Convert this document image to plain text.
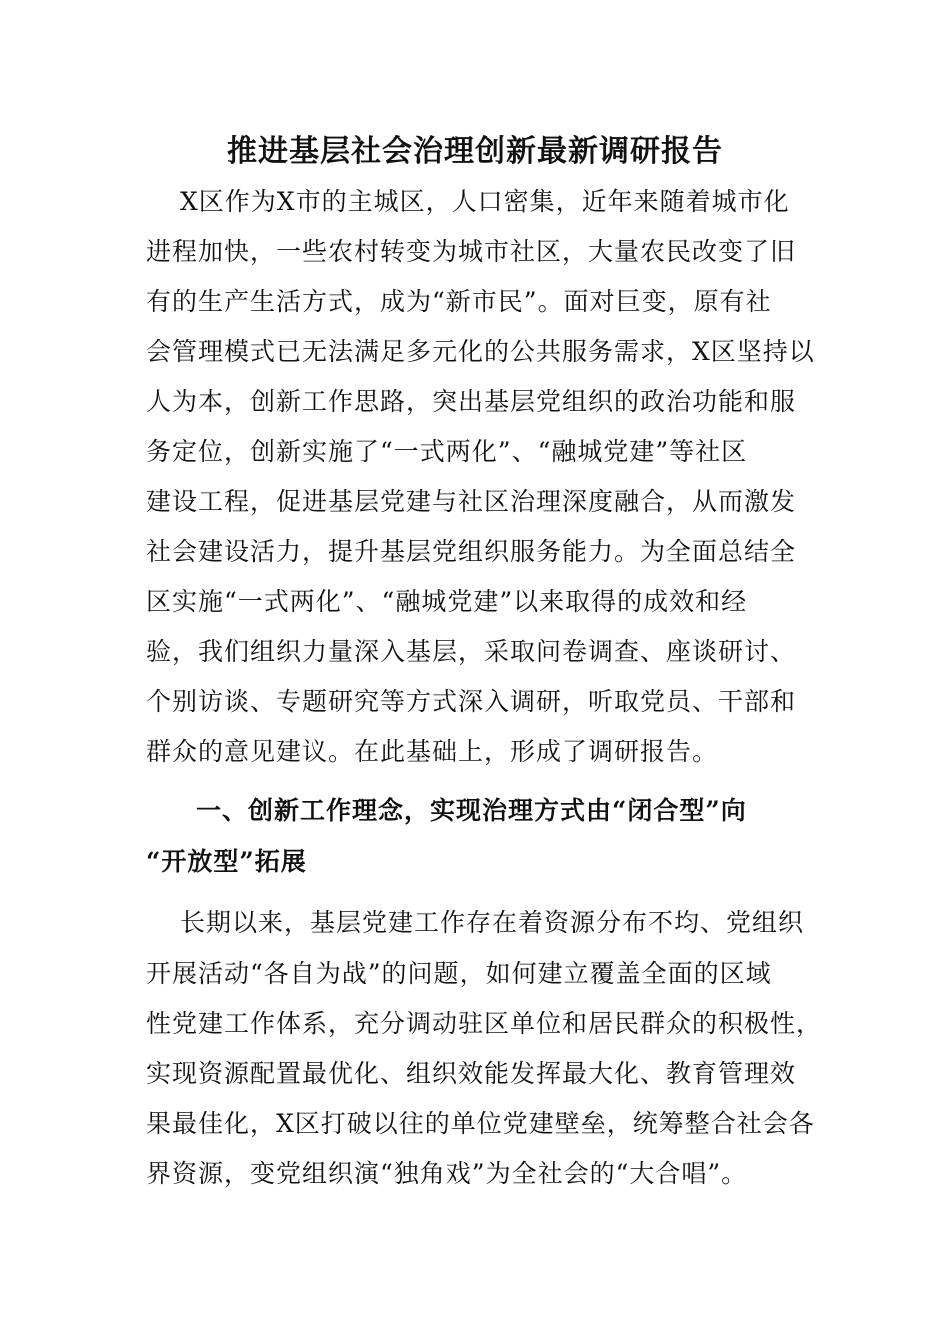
推进基层社会治理创新最新调研报告
X区作为X市的主城区，人口密集，近年来随着城市化
进程加快，一些农村转变为城市社区，大量农民改变了旧
有的生产生活方式，成为“新市民”。面对巨变，原有社
会管理模式已无法满足多元化的公共服务需求，X区坚持以
人为本，创新工作思路，突出基层党组织的政治功能和服
务定位，创新实施了“一式两化”、“融城党建”等社区
建设工程，促进基层党建与社区治理深度融合，从而激发
社会建设活力，提升基层党组织服务能力。为全面总结全
区实施“一式两化”、“融城党建”以来取得的成效和经
验，我们组织力量深入基层，采取问卷调查、座谈研讨、
个别访谈、专题研究等方式深入调研，听取党员、干部和
群众的意见建议。在此基础上，形成了调研报告。
一、创新工作理念，实现治理方式由“闭合型”向
“开放型”拓展
长期以来，基层党建工作存在着资源分布不均、党组织
开展活动“各自为战”的问题，如何建立覆盖全面的区域
性党建工作体系，充分调动驻区单位和居民群众的积极性，
实现资源配置最优化、组织效能发挥最大化、教育管理效
果最佳化，X区打破以往的单位党建壁垒，统筹整合社会各
界资源，变党组织演“独角戏”为全社会的“大合唱”。
